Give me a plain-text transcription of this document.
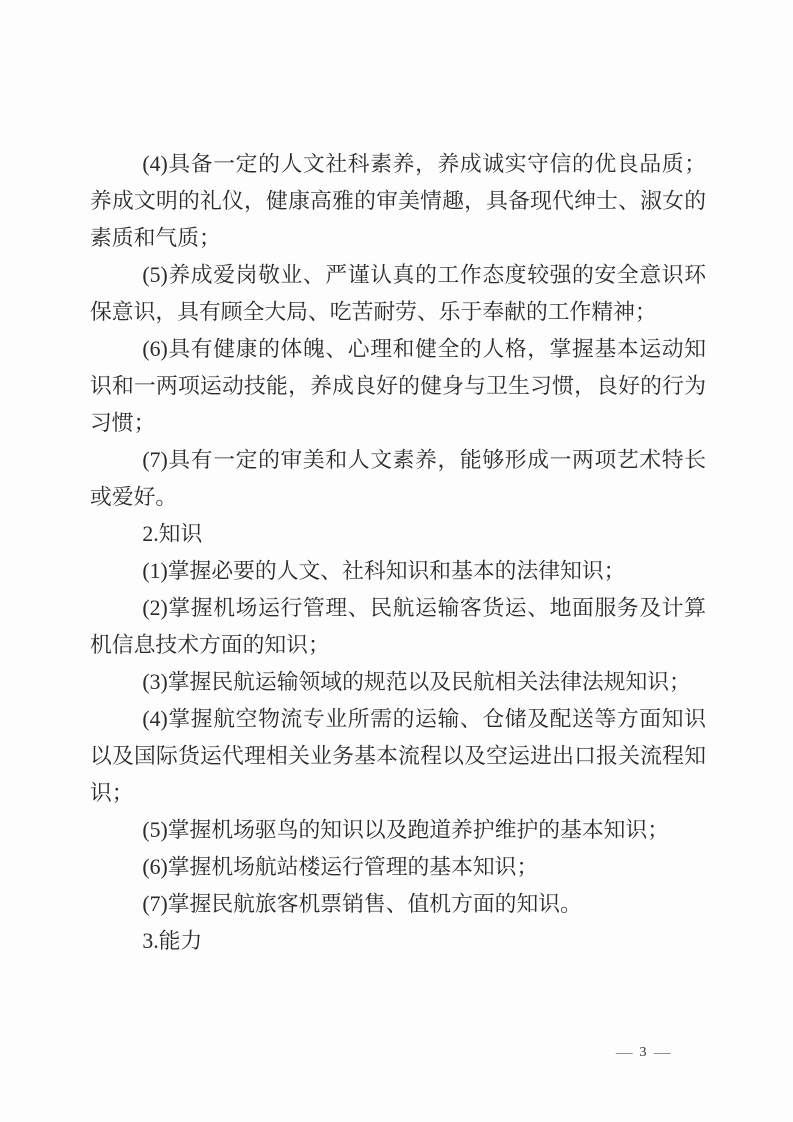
(4)具备一定的人文社科素养，养成诚实守信的优良品质；养成文明的礼仪，健康高雅的审美情趣，具备现代绅士、淑女的素质和气质；

(5)养成爱岗敬业、严谨认真的工作态度较强的安全意识环保意识，具有顾全大局、吃苦耐劳、乐于奉献的工作精神；

(6)具有健康的体魄、心理和健全的人格，掌握基本运动知识和一两项运动技能，养成良好的健身与卫生习惯，良好的行为习惯；

(7)具有一定的审美和人文素养，能够形成一两项艺术特长或爱好。

2.知识

(1)掌握必要的人文、社科知识和基本的法律知识；

(2)掌握机场运行管理、民航运输客货运、地面服务及计算机信息技术方面的知识；

(3)掌握民航运输领域的规范以及民航相关法律法规知识；

(4)掌握航空物流专业所需的运输、仓储及配送等方面知识以及国际货运代理相关业务基本流程以及空运进出口报关流程知识；

(5)掌握机场驱鸟的知识以及跑道养护维护的基本知识；

(6)掌握机场航站楼运行管理的基本知识；

(7)掌握民航旅客机票销售、值机方面的知识。

3.能力

— 3 —
